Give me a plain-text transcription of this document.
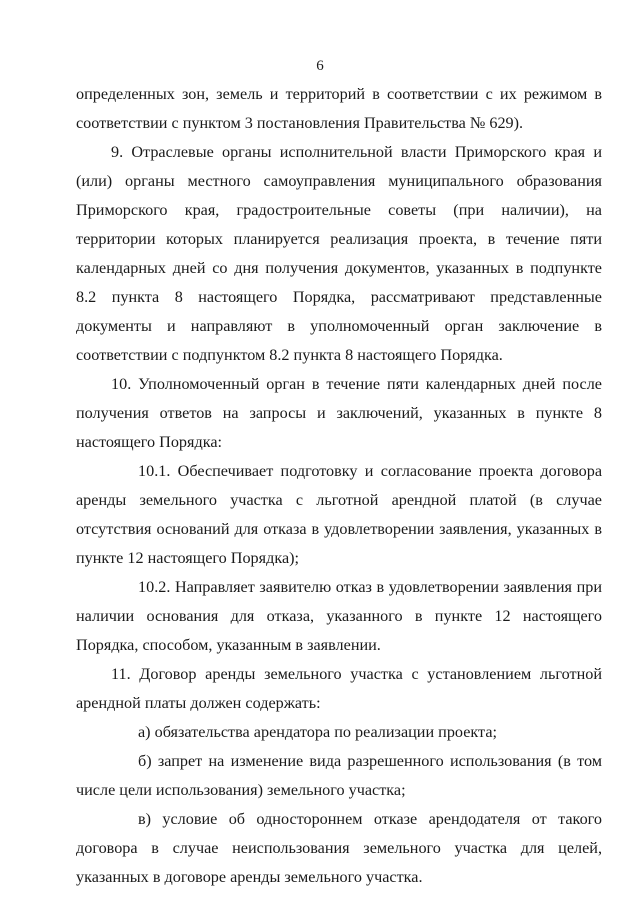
6

определенных зон, земель и территорий в соответствии с их режимом в соответствии с пунктом 3 постановления Правительства № 629).

9. Отраслевые органы исполнительной власти Приморского края и (или) органы местного самоуправления муниципального образования Приморского края, градостроительные советы (при наличии), на территории которых планируется реализация проекта, в течение пяти календарных дней со дня получения документов, указанных в подпункте 8.2 пункта 8 настоящего Порядка, рассматривают представленные документы и направляют в уполномоченный орган заключение в соответствии с подпунктом 8.2 пункта 8 настоящего Порядка.

10. Уполномоченный орган в течение пяти календарных дней после получения ответов на запросы и заключений, указанных в пункте 8 настоящего Порядка:

10.1. Обеспечивает подготовку и согласование проекта договора аренды земельного участка с льготной арендной платой (в случае отсутствия оснований для отказа в удовлетворении заявления, указанных в пункте 12 настоящего Порядка);

10.2. Направляет заявителю отказ в удовлетворении заявления при наличии основания для отказа, указанного в пункте 12 настоящего Порядка, способом, указанным в заявлении.

11. Договор аренды земельного участка с установлением льготной арендной платы должен содержать:

а) обязательства арендатора по реализации проекта;

б) запрет на изменение вида разрешенного использования (в том числе цели использования) земельного участка;

в) условие об одностороннем отказе арендодателя от такого договора в случае неиспользования земельного участка для целей, указанных в договоре аренды земельного участка.
